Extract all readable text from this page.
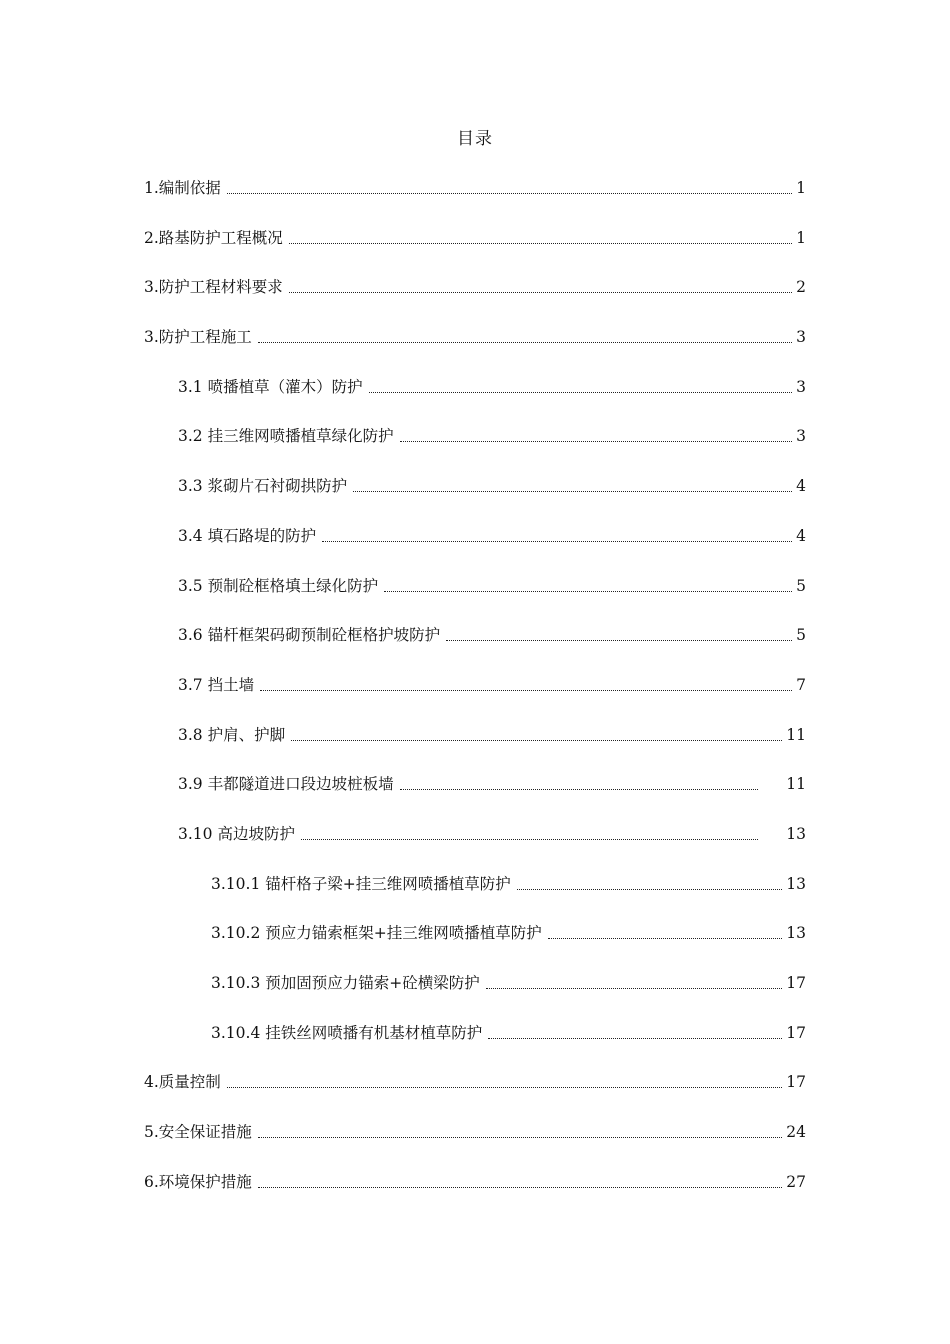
目录
1.编制依据	1
2.路基防护工程概况	1
3.防护工程材料要求	2
3.防护工程施工	3
3.1 喷播植草（灌木）防护	3
3.2 挂三维网喷播植草绿化防护	3
3.3 浆砌片石衬砌拱防护	4
3.4 填石路堤的防护	4
3.5 预制砼框格填土绿化防护	5
3.6 锚杆框架码砌预制砼框格护坡防护	5
3.7 挡土墙	7
3.8 护肩、护脚	11
3.9 丰都隧道进口段边坡桩板墙	11
3.10 高边坡防护	13
3.10.1 锚杆格子梁+挂三维网喷播植草防护	13
3.10.2 预应力锚索框架+挂三维网喷播植草防护	13
3.10.3 预加固预应力锚索+砼横梁防护	17
3.10.4 挂铁丝网喷播有机基材植草防护	17
4.质量控制	17
5.安全保证措施	24
6.环境保护措施	27
